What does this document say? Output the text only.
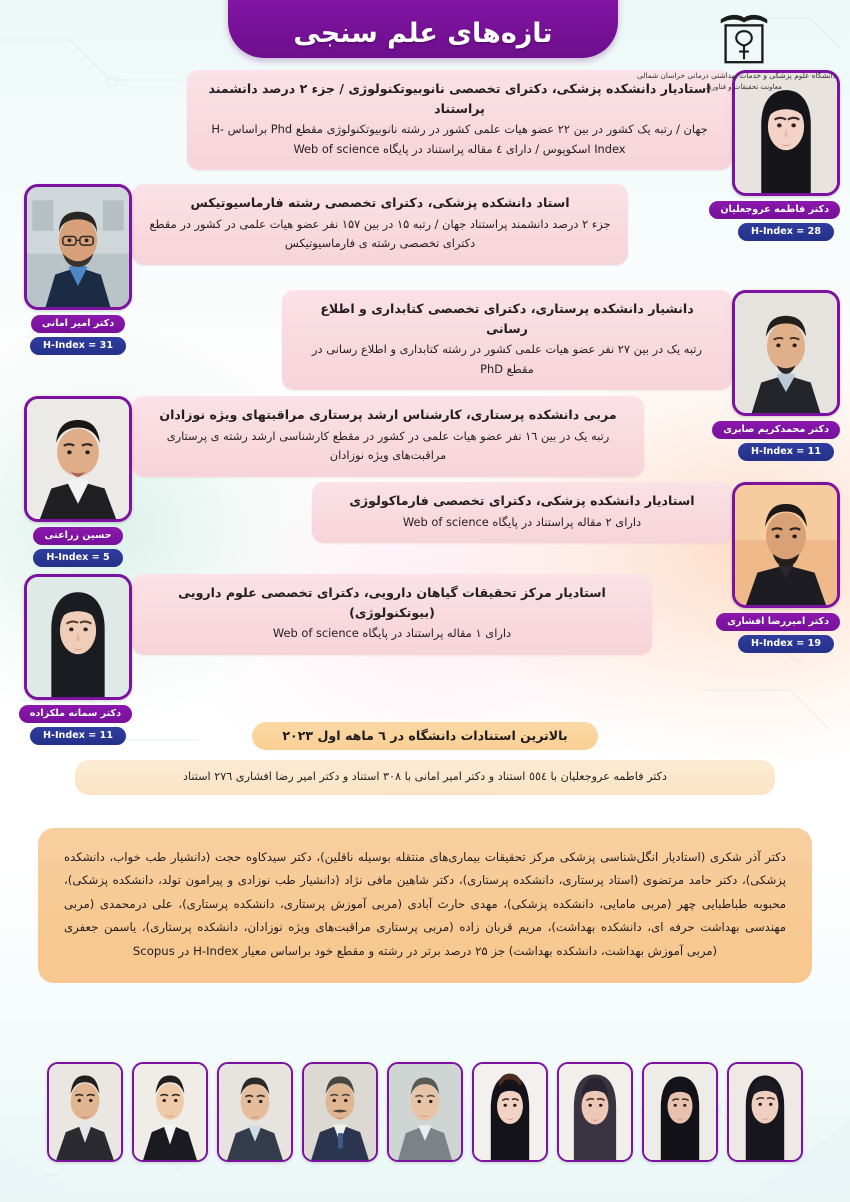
تازه‌های علم سنجی
دانشگاه علوم پزشکی و خدمات بهداشتی درمانی خراسان شمالی
معاونت تحقیقات و فناوری
دکتر فاطمه عروجعلیان
H-Index = 28
استادیار دانشکده پزشکی، دکترای تخصصی نانوبیوتکنولوژی / جزء ۲ درصد دانشمند پراستناد
جهان / رتبه یک کشور در بین ۲۲ عضو هیات علمی کشور در رشته نانوبیوتکنولوژی مقطع Phd براساس H-Index اسکوپوس / دارای ٤ مقاله پراستناد در پایگاه Web of science
دکتر امیر امانی
H-Index = 31
استاد دانشکده پزشکی، دکترای تخصصی رشته فارماسیوتیکس
جزء ۲ درصد دانشمند پراستناد جهان / رتبه ۱۵ در بین ۱۵۷ نفر عضو هیات علمی در کشور در مقطع دکترای تخصصی رشته ی فارماسیوتیکس
دکتر محمدکریم صابری
H-Index = 11
دانشیار دانشکده پرستاری، دکترای تخصصی کتابداری و اطلاع رسانی
رتبه یک در بین ۲۷ نفر عضو هیات علمی کشور در رشته کتابداری و اطلاع رسانی در مقطع PhD
حسین زراعتی
H-Index = 5
مربی دانشکده پرستاری، کارشناس ارشد پرستاری مراقبتهای ویژه نوزادان
رتبه یک در بین ۱٦ نفر عضو هیات علمی در کشور در مقطع کارشناسی ارشد رشته ی پرستاری مراقبت‌های ویژه نوزادان
دکتر امیررضا افشاری
H-Index = 19
استادیار دانشکده پزشکی، دکترای تخصصی فارماکولوژی
دارای ۲ مقاله پراستناد در پایگاه Web of science
دکتر سمانه ملکزاده
H-Index = 11
استادیار مرکز تحقیقات گیاهان دارویی، دکترای تخصصی علوم دارویی (بیوتکنولوژی)
دارای ۱ مقاله پراستناد در پایگاه Web of science
بالاترین استنادات دانشگاه در ٦ ماهه اول ۲۰۲۳
دکتر فاطمه عروجعلیان با ٥٥٤ استناد و دکتر امیر امانی با ۳۰۸ استناد و دکتر امیر رضا افشاری ۲۷٦ استناد
دکتر آذر شکری (استادیار انگل‌شناسی پزشکی مرکز تحقیقات بیماری‌های منتقله بوسیله ناقلین)، دکتر سیدکاوه حجت (دانشیار طب خواب، دانشکده پزشکی)، دکتر حامد مرتضوی (استاد پرستاری، دانشکده پرستاری)، دکتر شاهین مافی نژاد (دانشیار طب نوزادی و پیرامون تولد، دانشکده پزشکی)، محبوبه طباطبایی چهر (مربی مامایی، دانشکده پزشکی)، مهدی حارث آبادی (مربی آموزش پرستاری، دانشکده پرستاری)، علی درمحمدی (مربی مهندسی بهداشت حرفه ای، دانشکده بهداشت)، مریم قربان زاده (مربی پرستاری مراقبت‌های ویژه نوزادان، دانشکده پرستاری)، یاسمن جعفری (مربی آموزش بهداشت، دانشکده بهداشت) جز ۲۵ درصد برتر در رشته و مقطع خود براساس معیار H-Index در Scopus
